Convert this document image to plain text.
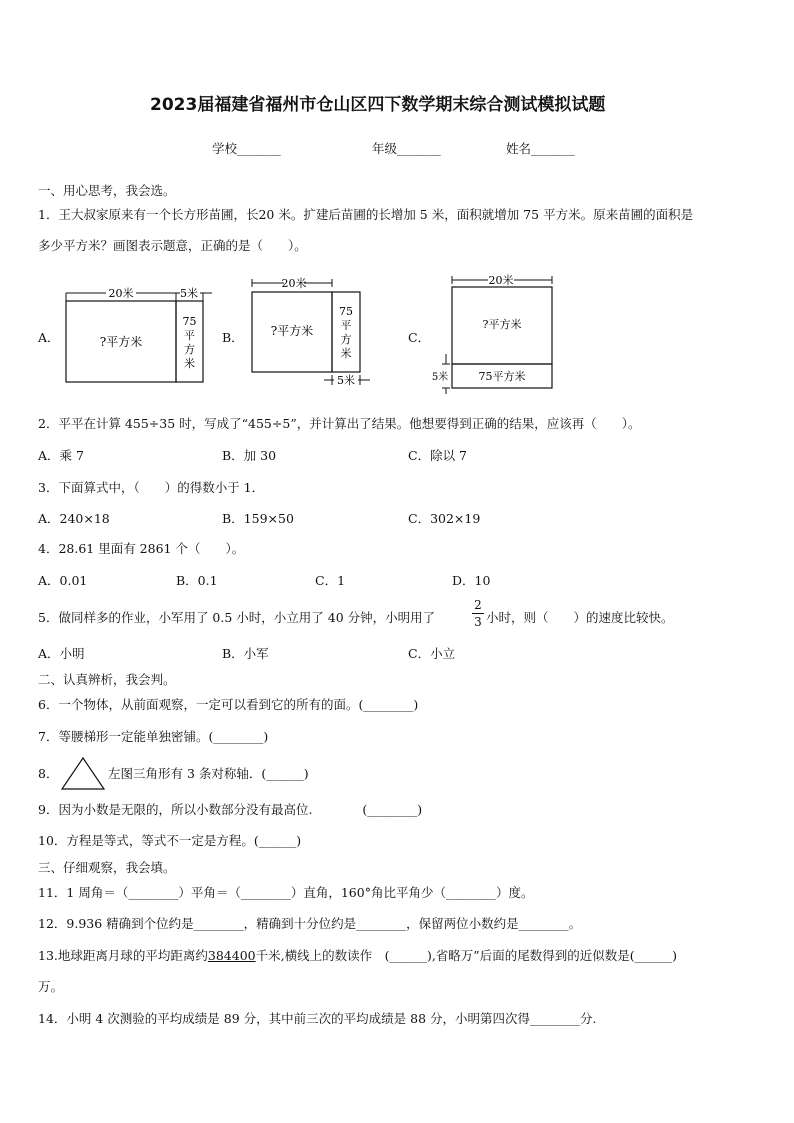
2023届福建省福州市仓山区四下数学期末综合测试模拟试题
学校_______	年级_______	姓名_______
一、用心思考，我会选。
1．王大叔家原来有一个长方形苗圃，长20 米。扩建后苗圃的长增加 5 米，面积就增加 75 平方米。原来苗圃的面积是
多少平方米？画图表示题意，正确的是（　　）。
A．
20米	5米
?平方米
75
平
方
米
B．
20米
?平方米
75
平
方
米
5米
C．
20米
?平方米
75平方米
5米
2．平平在计算 455÷35 时，写成了“455÷5”，并计算出了结果。他想要得到正确的结果，应该再（　　）。
A．乘 7	B．加 30	C．除以 7
3．下面算式中，（　　）的得数小于 1．
A．240×18	B．159×50	C．302×19
4．28.61 里面有 2861 个（　　）。
A．0.01	B．0.1	C．1	D．10
5．做同样多的作业，小军用了 0.5 小时，小立用了 40 分钟，小明用了
2
3 小时，则（　　）的速度比较快。
A．小明	B．小军	C．小立
二、认真辨析，我会判。
6．一个物体，从前面观察，一定可以看到它的所有的面。(________)
7．等腰梯形一定能单独密铺。(________)
8．	左图三角形有 3 条对称轴．(______)
9．因为小数是无限的，所以小数部分没有最高位.　　　　(________)
10．方程是等式，等式不一定是方程。(______)
三、仔细观察，我会填。
11．1 周角＝（________）平角＝（________）直角，160°角比平角少（________）度。
12．9.936 精确到个位约是________，精确到十分位约是________，保留两位小数约是________。
13.地球距离月球的平均距离约384400千米,横线上的数读作　(______),省略万”后面的尾数得到的近似数是(______)
万。
14．小明 4 次测验的平均成绩是 89 分，其中前三次的平均成绩是 88 分，小明第四次得________分.
